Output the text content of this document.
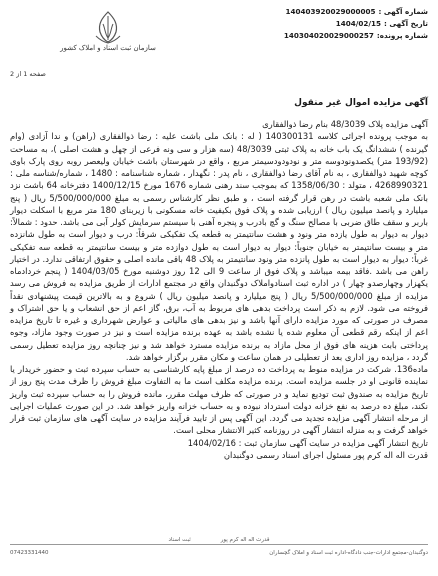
شماره آگهی :
140403920029000005
تاریخ آگهی :
1404/02/15
شماره پرونده:
140304020029000257
سازمان ثبت اسناد و املاک کشور
صفحه 1 از 2
آگهی مزایده اموال غیر منقول

آگهی مزایده پلاک 48/3039 بنام رضا ذوالفقاری

به موجب پرونده اجرائی کلاسه 140300131 ( له : بانک ملی باشت علیه : رضا ذوالفقاری (راهن) و ندا آزادی (وام گیرنده ) ششدانگ یک باب خانه به پلاک ثبتی 48/3039 (سه هزار و سی ونه فرعی از چهل و هشت اصلی )، به مساحت (193/92 متر) یکصدونودوسه متر و نودودودسیمتر مربع ، واقع در شهرستان باشت خیابان ولیعصر روبه روی پارک باوی کوچه شهید ذوالفقاری ، به نام آقای رضا ذوالفقاری ، نام پدر : نگهدار ، شماره شناسنامه : 1480 ، شماره/شناسه ملی : 4268990321 ، متولد : 1358/06/30 که بموجب سند رهنی شماره 1676 مورخ 1400/12/15 دفترخانه 64 باشت نزد بانک ملی شعبه باشت در رهن قرار گرفته است ، و طبق نظر کارشناس رسمی به مبلغ 5/500/000/000 ریال ( پنج میلیارد و پانصد میلیون ریال ) ارزیابی شده و پلاک فوق بکیفیت خانه مسکونی با زیربنای 180 متر مربع با اسکلت دیوار باربر و سقف طاق ضربی با مصالح سنگ و گچ بادرب و پنجره آهنی با سیستم سرمایش کولر آبی می باشد. حدود : شمالاً: دیوار به دیوار به طول یازده متر ونود و هشت سانتیمتر به قطعه یک تفکیکی شرقاً: درب و دیوار است به طول شانزده متر و بیست سانتیمتر به خیابان جنوباً: دیوار به دیوار است به طول دوازده متر و بیست سانتیمتر به قطعه سه تفکیکی غرباً: دیوار به دیوار است به طول پانزده متر ونود سانتیمتر به پلاک 48 باقی مانده اصلی و حقوق ارتفاقی ندارد. در اختیار راهن می باشد .فاقد بیمه میباشد و پلاک فوق از ساعت 9 الی 12 روز دوشنبه مورخ 1404/03/05 ( پنجم خردادماه یکهزار وچهارصدو چهار ) در اداره ثبت اسنادواملاک دوگنبدان واقع در مجتمع ادارات از طریق مزایده به فروش می رسد مزایده از مبلغ 5/500/000/000 ریال ( پنج میلیارد و پانصد میلیون ریال ) شروع و به بالاترین قیمت پیشنهادی نقداً فروخته می شود. لازم به ذکر است پرداخت بدهی های مربوط به آب، برق، گاز اعم از حق انشعاب و یا حق اشتراک و مصرف در صورتی که مورد مزایده دارای آنها باشد و نیز بدهی های مالیاتی و عوارض شهرداری و غیره تا تاریخ مزایده اعم از اینکه رقم قطعی آن معلوم شده یا نشده باشد به عهده برنده مزایده است و نیز در صورت وجود مازاد، وجوه پرداختی بابت هزینه های فوق از محل مازاد به برنده مزایده مسترد خواهد شد و نیز چنانچه روز مزایده تعطیل رسمی گردد ، مزایده روز اداری بعد از تعطیلی در همان ساعت و مکان مقرر برگزار خواهد شد.

ماده136. شرکت در مزایده منوط به پرداخت ده درصد از مبلغ پایه کارشناسی به حساب سپرده ثبت و حضور خریدار یا نماینده قانونی او در جلسه مزایده است. برنده مزایده مکلف است ما به التفاوت مبلغ فروش را ظرف مدت پنج روز از تاریخ مزایده به صندوق ثبت تودیع نماید و در صورتی که ظرف مهلت مقرر، مانده فروش را به حساب سپرده ثبت واریز نکند، مبلغ ده درصد به نفع خزانه دولت استرداد نبوده و به حساب خزانه واریز خواهد شد. در این صورت عملیات اجرایی از مرحله انتشار آگهی مزایده تجدید می گردد. این آگهی پس از تایید فرآیند مزایده در سایت آگهی های سازمان ثبت قرار خواهد گرفت و به منزله انتشار آگهی در روزنامه کثیر الانتشار محلی است.

تاریخ انتشار آگهی مزایده در سایت آگهی سازمان ثبت : 1404/02/16

قدرت اله اله کرم پور مسئول اجرای اسناد رسمی دوگنبدان

قدرت اله اله کرم پور
ثبت اسناد
دوگنبدان-مجتمع ادارات-جنب دادگاه-اداره ثبت اسناد و املاک گچساران
07423331440
